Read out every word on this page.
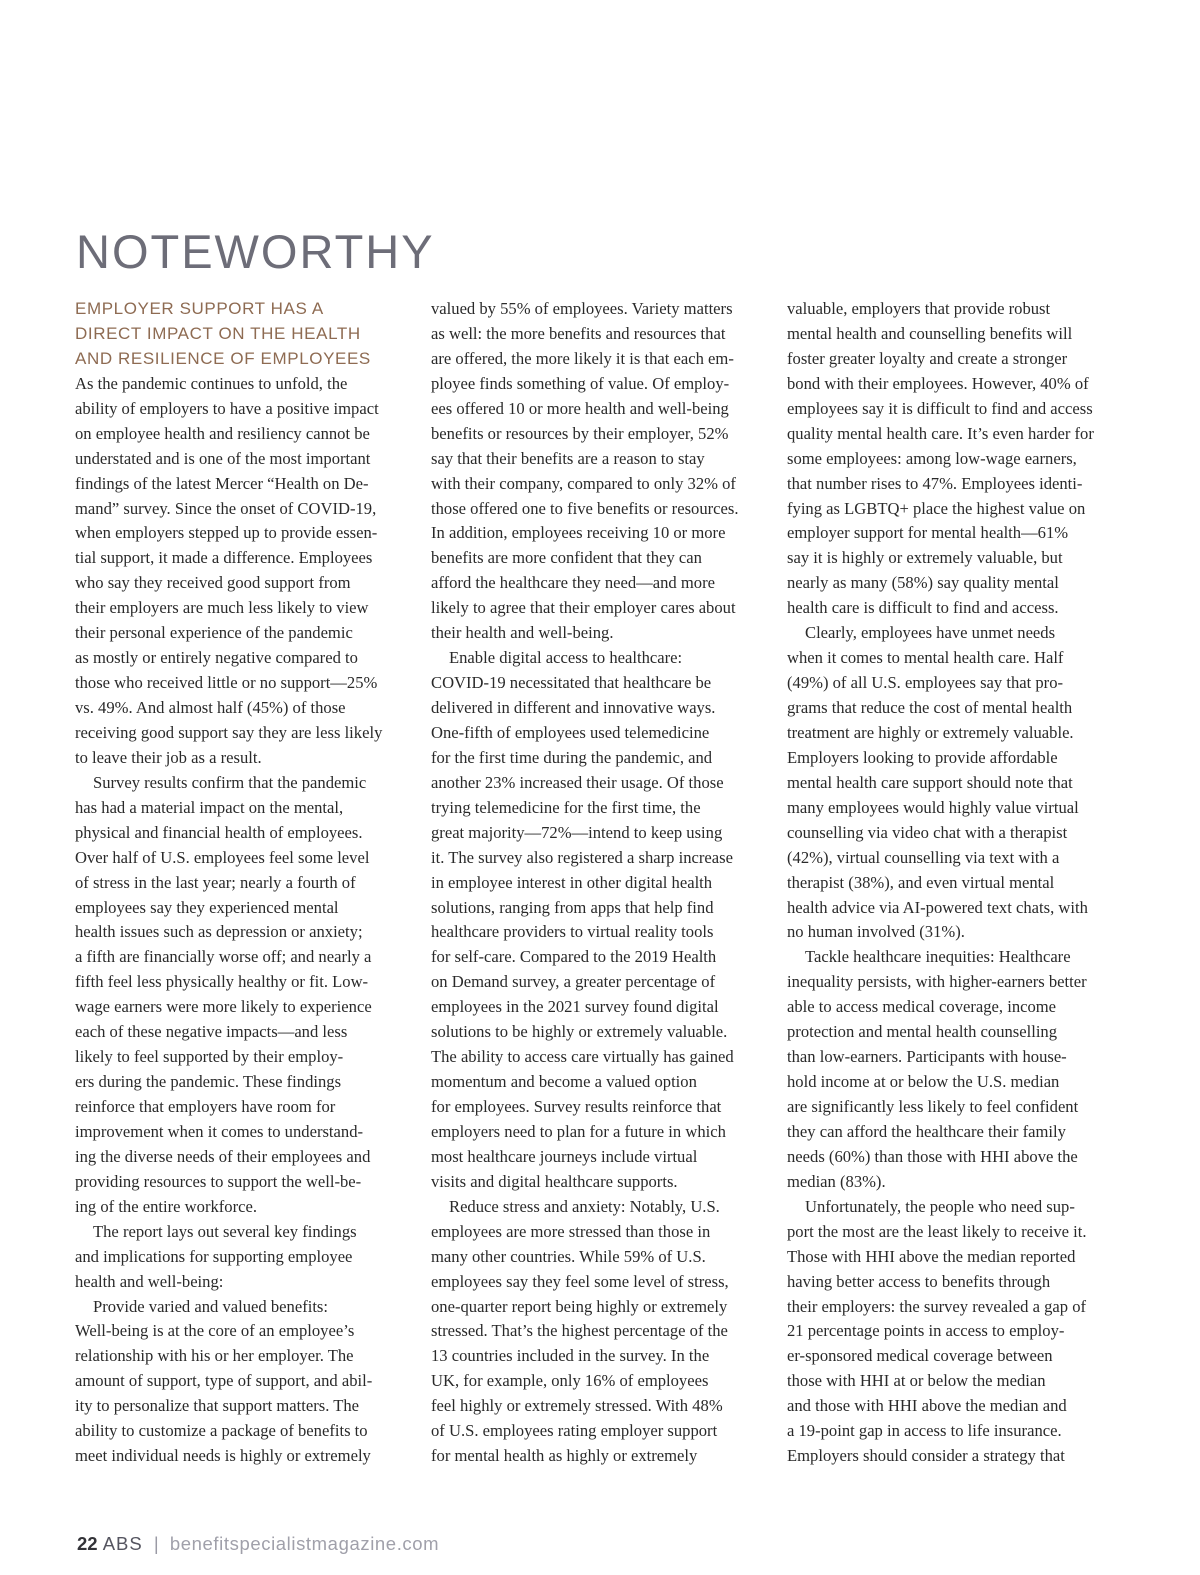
NOTEWORTHY
EMPLOYER SUPPORT HAS A
DIRECT IMPACT ON THE HEALTH
AND RESILIENCE OF EMPLOYEES
As the pandemic continues to unfold, the
ability of employers to have a positive impact
on employee health and resiliency cannot be
understated and is one of the most important
findings of the latest Mercer “Health on De-
mand” survey. Since the onset of COVID-19,
when employers stepped up to provide essen-
tial support, it made a difference. Employees
who say they received good support from
their employers are much less likely to view
their personal experience of the pandemic
as mostly or entirely negative compared to
those who received little or no support—25%
vs. 49%. And almost half (45%) of those
receiving good support say they are less likely
to leave their job as a result.
Survey results confirm that the pandemic
has had a material impact on the mental,
physical and financial health of employees.
Over half of U.S. employees feel some level
of stress in the last year; nearly a fourth of
employees say they experienced mental
health issues such as depression or anxiety;
a fifth are financially worse off; and nearly a
fifth feel less physically healthy or fit. Low-
wage earners were more likely to experience
each of these negative impacts—and less
likely to feel supported by their employ-
ers during the pandemic. These findings
reinforce that employers have room for
improvement when it comes to understand-
ing the diverse needs of their employees and
providing resources to support the well-be-
ing of the entire workforce.
The report lays out several key findings
and implications for supporting employee
health and well-being:
Provide varied and valued benefits:
Well-being is at the core of an employee’s
relationship with his or her employer. The
amount of support, type of support, and abil-
ity to personalize that support matters. The
ability to customize a package of benefits to
meet individual needs is highly or extremely
valued by 55% of employees. Variety matters
as well: the more benefits and resources that
are offered, the more likely it is that each em-
ployee finds something of value. Of employ-
ees offered 10 or more health and well-being
benefits or resources by their employer, 52%
say that their benefits are a reason to stay
with their company, compared to only 32% of
those offered one to five benefits or resources.
In addition, employees receiving 10 or more
benefits are more confident that they can
afford the healthcare they need—and more
likely to agree that their employer cares about
their health and well-being.
Enable digital access to healthcare:
COVID-19 necessitated that healthcare be
delivered in different and innovative ways.
One-fifth of employees used telemedicine
for the first time during the pandemic, and
another 23% increased their usage. Of those
trying telemedicine for the first time, the
great majority—72%—intend to keep using
it. The survey also registered a sharp increase
in employee interest in other digital health
solutions, ranging from apps that help find
healthcare providers to virtual reality tools
for self-care. Compared to the 2019 Health
on Demand survey, a greater percentage of
employees in the 2021 survey found digital
solutions to be highly or extremely valuable.
The ability to access care virtually has gained
momentum and become a valued option
for employees. Survey results reinforce that
employers need to plan for a future in which
most healthcare journeys include virtual
visits and digital healthcare supports.
Reduce stress and anxiety: Notably, U.S.
employees are more stressed than those in
many other countries. While 59% of U.S.
employees say they feel some level of stress,
one-quarter report being highly or extremely
stressed. That’s the highest percentage of the
13 countries included in the survey. In the
UK, for example, only 16% of employees
feel highly or extremely stressed. With 48%
of U.S. employees rating employer support
for mental health as highly or extremely
valuable, employers that provide robust
mental health and counselling benefits will
foster greater loyalty and create a stronger
bond with their employees. However, 40% of
employees say it is difficult to find and access
quality mental health care. It’s even harder for
some employees: among low-wage earners,
that number rises to 47%. Employees identi-
fying as LGBTQ+ place the highest value on
employer support for mental health—61%
say it is highly or extremely valuable, but
nearly as many (58%) say quality mental
health care is difficult to find and access.
Clearly, employees have unmet needs
when it comes to mental health care. Half
(49%) of all U.S. employees say that pro-
grams that reduce the cost of mental health
treatment are highly or extremely valuable.
Employers looking to provide affordable
mental health care support should note that
many employees would highly value virtual
counselling via video chat with a therapist
(42%), virtual counselling via text with a
therapist (38%), and even virtual mental
health advice via AI-powered text chats, with
no human involved (31%).
Tackle healthcare inequities: Healthcare
inequality persists, with higher-earners better
able to access medical coverage, income
protection and mental health counselling
than low-earners. Participants with house-
hold income at or below the U.S. median
are significantly less likely to feel confident
they can afford the healthcare their family
needs (60%) than those with HHI above the
median (83%).
Unfortunately, the people who need sup-
port the most are the least likely to receive it.
Those with HHI above the median reported
having better access to benefits through
their employers: the survey revealed a gap of
21 percentage points in access to employ-
er-sponsored medical coverage between
those with HHI at or below the median
and those with HHI above the median and
a 19-point gap in access to life insurance.
Employers should consider a strategy that
22 ABS | benefitspecialistmagazine.com
